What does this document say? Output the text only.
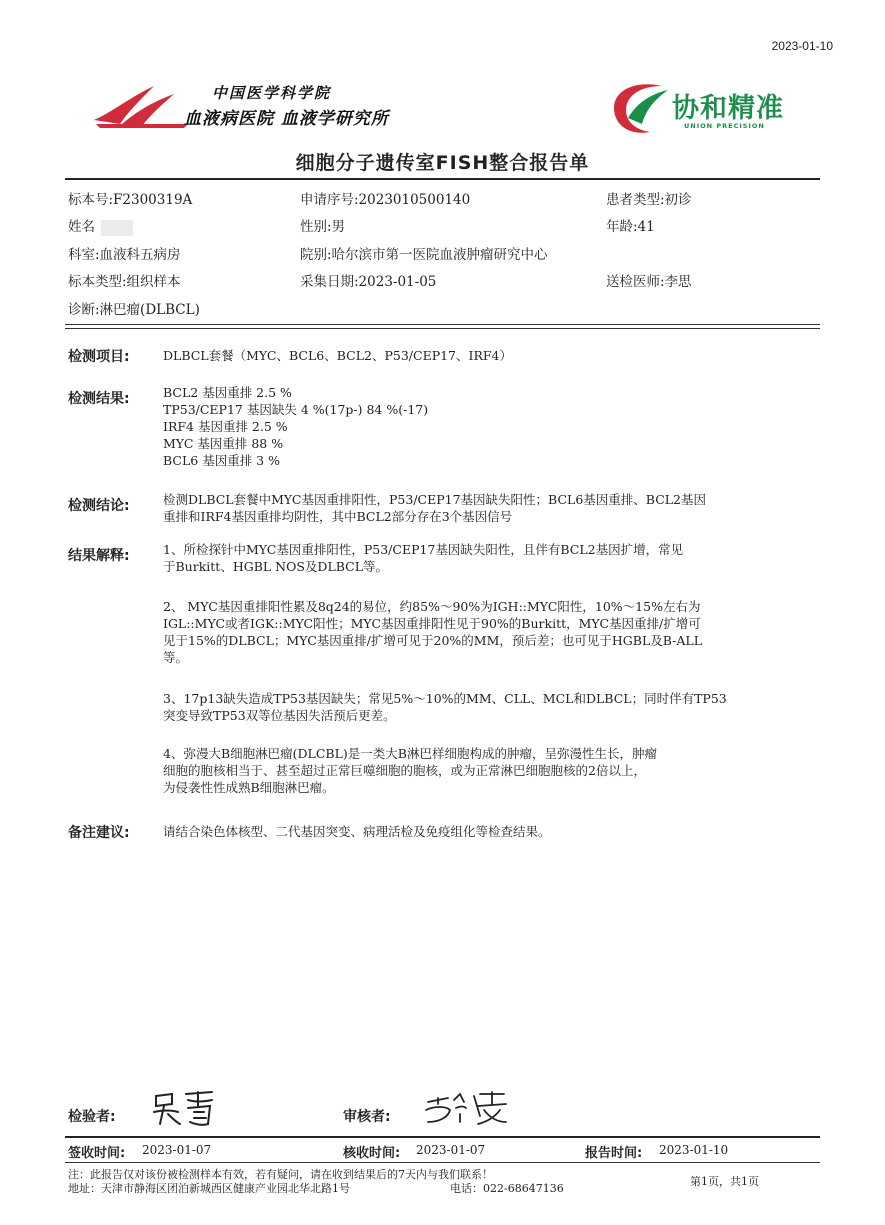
2023-01-10
中国医学科学院
血液病医院 血液学研究所	协和精准
UNION PRECISION
细胞分子遗传室FISH整合报告单
标本号:F2300319A	申请序号:2023010500140	患者类型:初诊
姓名	性别:男	年龄:41
科室:血液科五病房	院别:哈尔滨市第一医院血液肿瘤研究中心
标本类型:组织样本	采集日期:2023-01-05	送检医师:李思
诊断:淋巴瘤(DLBCL)
检测项目:	DLBCL套餐（MYC、BCL6、BCL2、P53/CEP17、IRF4）
检测结果:	BCL2 基因重排 2.5 %
TP53/CEP17 基因缺失 4 %(17p-) 84 %(-17)
IRF4 基因重排 2.5 %
MYC 基因重排 88 %
BCL6 基因重排 3 %
检测结论:	检测DLBCL套餐中MYC基因重排阳性，P53/CEP17基因缺失阳性；BCL6基因重排、BCL2基因
重排和IRF4基因重排均阴性，其中BCL2部分存在3个基因信号
结果解释:	1、所检探针中MYC基因重排阳性，P53/CEP17基因缺失阳性，且伴有BCL2基因扩增，常见
于Burkitt、HGBL NOS及DLBCL等。
2、 MYC基因重排阳性累及8q24的易位，约85%～90%为IGH::MYC阳性，10%～15%左右为
IGL::MYC或者IGK::MYC阳性；MYC基因重排阳性见于90%的Burkitt，MYC基因重排/扩增可
见于15%的DLBCL；MYC基因重排/扩增可见于20%的MM，预后差；也可见于HGBL及B-ALL
等。
3、17p13缺失造成TP53基因缺失；常见5%～10%的MM、CLL、MCL和DLBCL；同时伴有TP53
突变导致TP53双等位基因失活预后更差。
4、弥漫大B细胞淋巴瘤(DLCBL)是一类大B淋巴样细胞构成的肿瘤，呈弥漫性生长，肿瘤
细胞的胞核相当于、甚至超过正常巨噬细胞的胞核，或为正常淋巴细胞胞核的2倍以上，
为侵袭性性成熟B细胞淋巴瘤。
备注建议:	请结合染色体核型、二代基因突变、病理活检及免疫组化等检查结果。
检验者:	审核者:
签收时间: 2023-01-07	核收时间: 2023-01-07	报告时间: 2023-01-10
注：此报告仅对该份被检测样本有效，若有疑问，请在收到结果后的7天内与我们联系！
地址：天津市静海区团泊新城西区健康产业园北华北路1号	电话：022-68647136
第1页，共1页
